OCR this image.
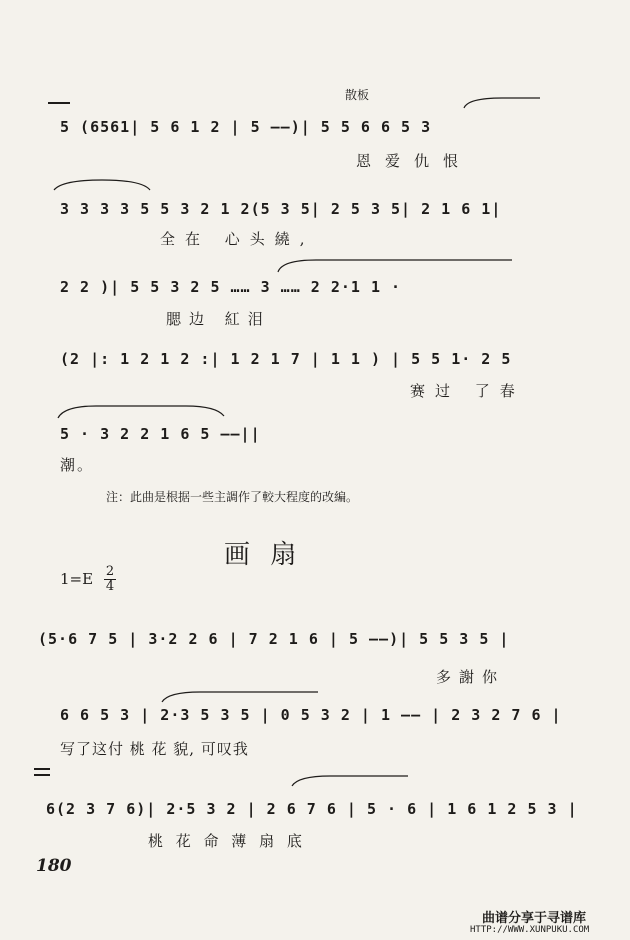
散板
5 (6561| 5 6 1 2 | 5 ——)| 5 5 6 6 5 3
恩爱仇恨
3 3 3 3 5 5 3 2 1 2(5 3 5| 2 5 3 5| 2 1 6 1|
全在 心头繞,
2 2 )| 5 5 3 2 5 …… 3 …… 2 2·1 1 ·
腮边 紅泪
(2 |: 1 2 1 2 :| 1 2 1 7 | 1 1 ) | 5 5 1· 2 5
赛过 了春
5 · 3 2 2 1 6 5 ——||
潮。
注：此曲是根据一些主調作了較大程度的改編。
画 扇
1=E 2
4
(5·6 7 5 | 3·2 2 6 | 7 2 1 6 | 5 ——)| 5 5 3 5 |
多謝你
6 6 5 3 | 2·3 5 3 5 | 0 5 3 2 | 1 —— | 2 3 2 7 6 |
写了这付 桃 花 貌, 可叹我
6(2 3 7 6)| 2·5 3 2 | 2 6 7 6 | 5 · 6 | 1 6 1 2 5 3 |
桃 花 命 薄 扇 底
180
曲谱分享于寻谱库
HTTP://WWW.XUNPUKU.COM
